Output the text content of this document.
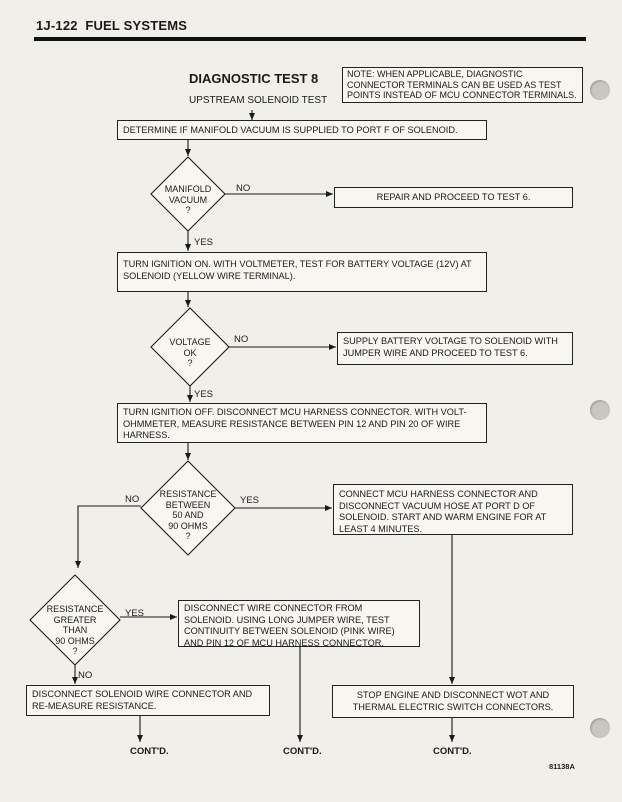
1J-122 FUEL SYSTEMS
DIAGNOSTIC TEST 8
UPSTREAM SOLENOID TEST
NOTE: WHEN APPLICABLE, DIAGNOSTIC CONNECTOR TERMINALS CAN BE USED AS TEST POINTS INSTEAD OF MCU CONNECTOR TERMINALS.
DETERMINE IF MANIFOLD VACUUM IS SUPPLIED TO PORT F OF SOLENOID.
MANIFOLD
VACUUM
?
NO
REPAIR AND PROCEED TO TEST 6.
YES
TURN IGNITION ON. WITH VOLTMETER, TEST FOR BATTERY VOLTAGE (12V) AT SOLENOID (YELLOW WIRE TERMINAL).
VOLTAGE
OK
?
NO	SUPPLY BATTERY VOLTAGE TO SOLENOID WITH JUMPER WIRE AND PROCEED TO TEST 6.
YES
TURN IGNITION OFF. DISCONNECT MCU HARNESS CONNECTOR. WITH VOLT-OHMMETER, MEASURE RESISTANCE BETWEEN PIN 12 AND PIN 20 OF WIRE HARNESS.
RESISTANCE
BETWEEN
50 AND
90 OHMS
?
NO	YES
CONNECT MCU HARNESS CONNECTOR AND DISCONNECT VACUUM HOSE AT PORT D OF SOLENOID. START AND WARM ENGINE FOR AT LEAST 4 MINUTES.
RESISTANCE
GREATER
THAN
90 OHMS
?
YES	DISCONNECT WIRE CONNECTOR FROM SOLENOID. USING LONG JUMPER WIRE, TEST CONTINUITY BETWEEN SOLENOID (PINK WIRE) AND PIN 12 OF MCU HARNESS CONNECTOR.
NO
DISCONNECT SOLENOID WIRE CONNECTOR AND RE-MEASURE RESISTANCE.
STOP ENGINE AND DISCONNECT WOT AND THERMAL ELECTRIC SWITCH CONNECTORS.
CONT'D.	CONT'D.	CONT'D.
81138A
